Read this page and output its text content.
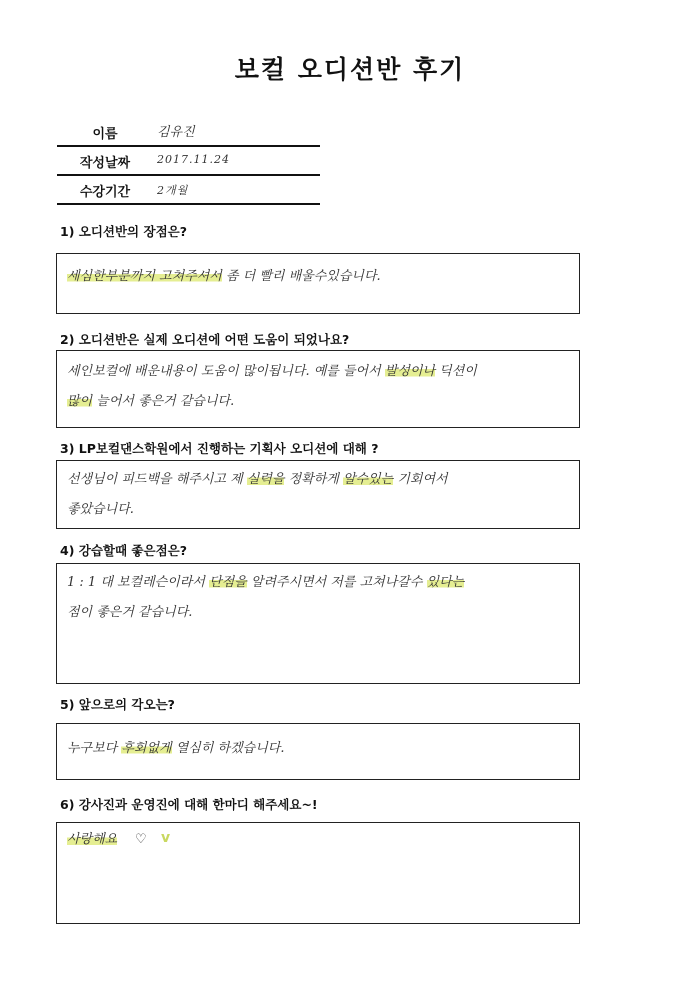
보컬 오디션반 후기
이름	김유진
작성날짜	2017.11.24
수강기간	2개월
1) 오디션반의 장점은?
세심한부분까지 고쳐주셔서 좀 더 빨리 배울수있습니다.
2) 오디션반은 실제 오디션에 어떤 도움이 되었나요?
세인보컬에 배운내용이 도움이 많이됩니다. 예를 들어서 발성이나 딕션이
많이 늘어서 좋은거 같습니다.
3) LP보컬댄스학원에서 진행하는 기획사 오디션에 대해 ?
선생님이 피드백을 해주시고 제 실력을 정확하게 알수있는 기회여서
좋았습니다.
4) 강습할때 좋은점은?
1 : 1 대 보컬레슨이라서 단점을 알려주시면서 저를 고쳐나갈수 있다는
점이 좋은거 같습니다.
5) 앞으로의 각오는?
누구보다 후회없게 열심히 하겠습니다.
6) 강사진과 운영진에 대해 한마디 해주세요~!
사랑해요	♡ v
